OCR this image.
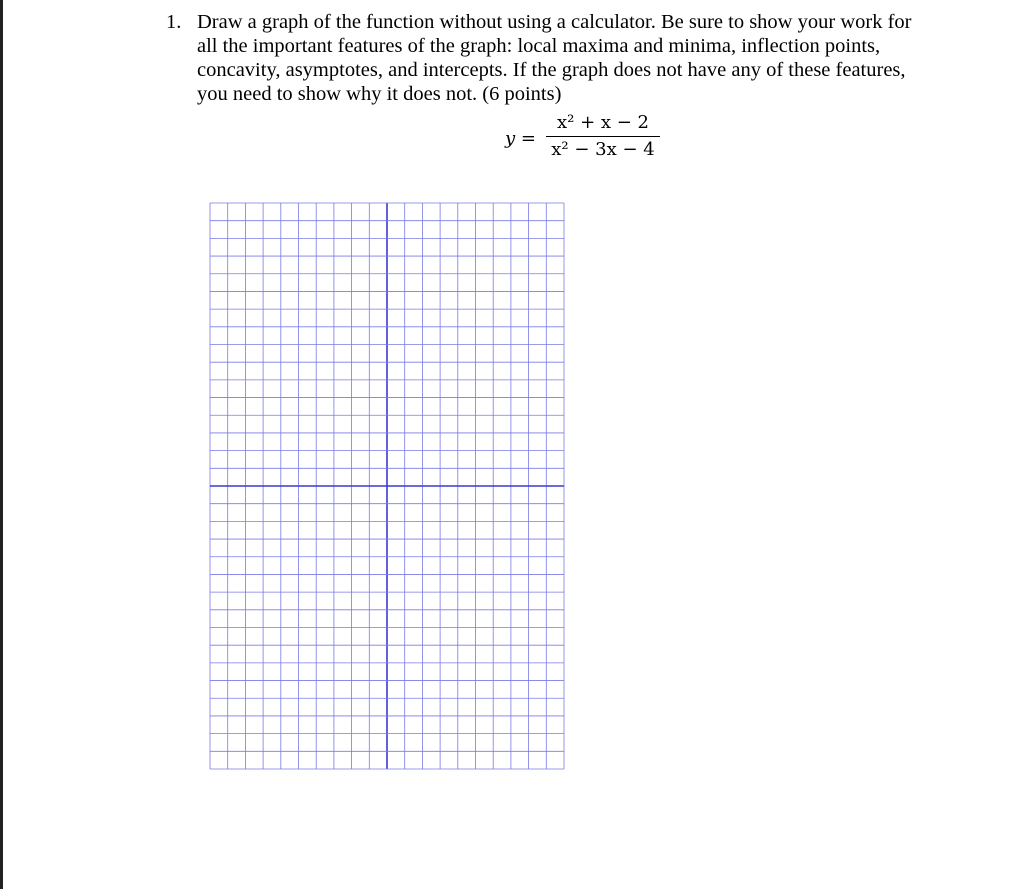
1. Draw a graph of the function without using a calculator. Be sure to show your work for

all the important features of the graph: local maxima and minima, inflection points,

concavity, asymptotes, and intercepts. If the graph does not have any of these features,

you need to show why it does not. (6 points)

y =
x² + x − 2
x² − 3x − 4
